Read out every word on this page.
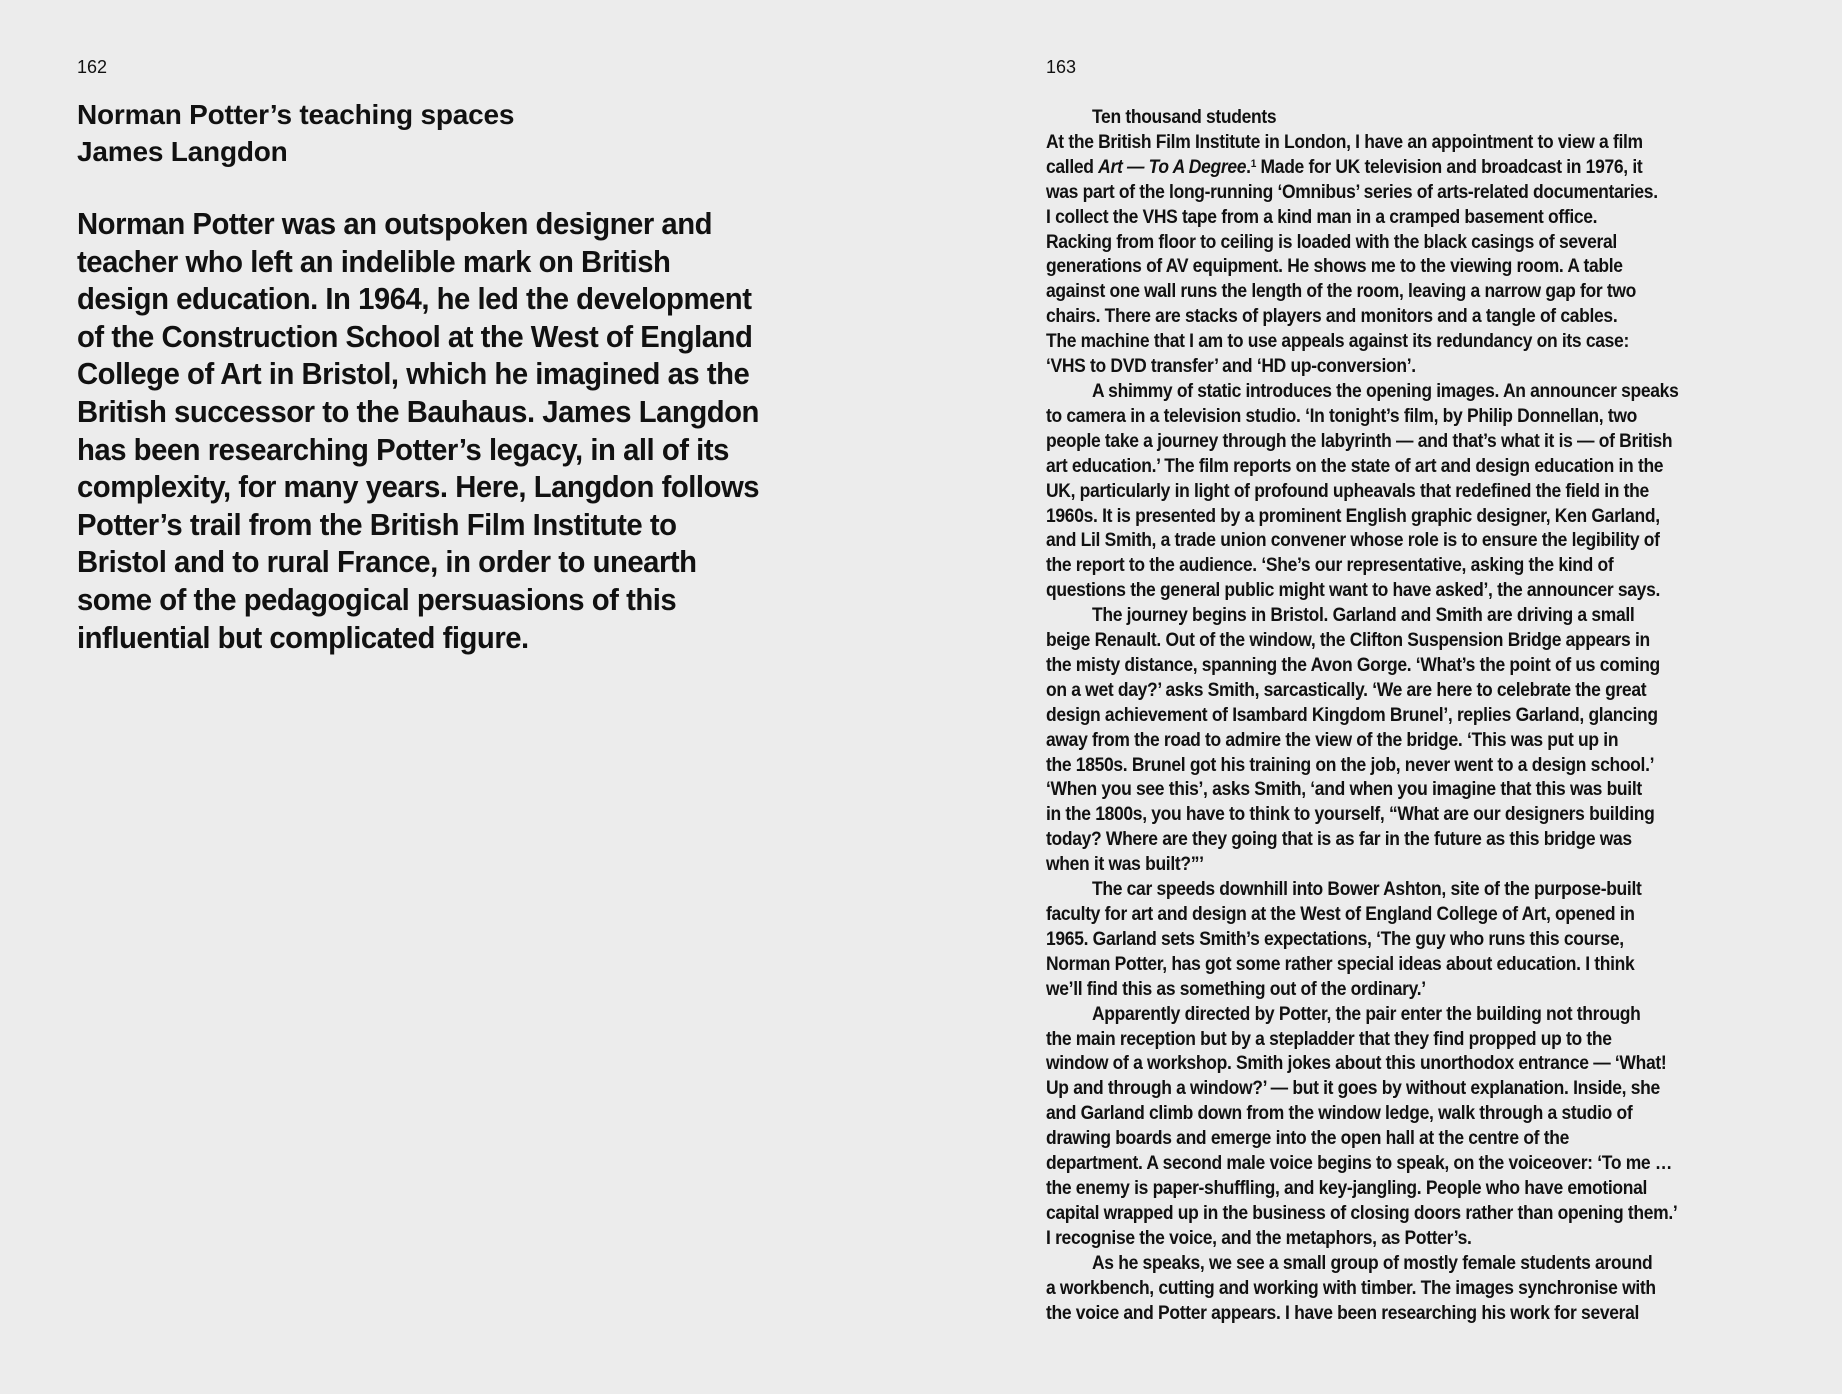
162
Norman Potter’s teaching spaces
James Langdon
Norman Potter was an outspoken designer and
teacher who left an indelible mark on British
design education. In 1964, he led the development
of the Construction School at the West of England
College of Art in Bristol, which he imagined as the
British successor to the Bauhaus. James Langdon
has been researching Potter’s legacy, in all of its
complexity, for many years. Here, Langdon follows
Potter’s trail from the British Film Institute to
Bristol and to rural France, in order to unearth
some of the pedagogical persuasions of this
influential but complicated figure.
163
Ten thousand students
At the British Film Institute in London, I have an appointment to view a film
called Art — To A Degree.$^1$ Made for UK television and broadcast in 1976, it
was part of the long-running ‘Omnibus’ series of arts-related documentaries.
I collect the VHS tape from a kind man in a cramped basement office.
Racking from floor to ceiling is loaded with the black casings of several
generations of AV equipment. He shows me to the viewing room. A table
against one wall runs the length of the room, leaving a narrow gap for two
chairs. There are stacks of players and monitors and a tangle of cables.
The machine that I am to use appeals against its redundancy on its case:
‘VHS to DVD transfer’ and ‘HD up-conversion’.
A shimmy of static introduces the opening images. An announcer speaks
to camera in a television studio. ‘In tonight’s film, by Philip Donnellan, two
people take a journey through the labyrinth — and that’s what it is — of British
art education.’ The film reports on the state of art and design education in the
UK, particularly in light of profound upheavals that redefined the field in the
1960s. It is presented by a prominent English graphic designer, Ken Garland,
and Lil Smith, a trade union convener whose role is to ensure the legibility of
the report to the audience. ‘She’s our representative, asking the kind of
questions the general public might want to have asked’, the announcer says.
The journey begins in Bristol. Garland and Smith are driving a small
beige Renault. Out of the window, the Clifton Suspension Bridge appears in
the misty distance, spanning the Avon Gorge. ‘What’s the point of us coming
on a wet day?’ asks Smith, sarcastically. ‘We are here to celebrate the great
design achievement of Isambard Kingdom Brunel’, replies Garland, glancing
away from the road to admire the view of the bridge. ‘This was put up in
the 1850s. Brunel got his training on the job, never went to a design school.’
‘When you see this’, asks Smith, ‘and when you imagine that this was built
in the 1800s, you have to think to yourself, “What are our designers building
today? Where are they going that is as far in the future as this bridge was
when it was built?”’
The car speeds downhill into Bower Ashton, site of the purpose-built
faculty for art and design at the West of England College of Art, opened in
1965. Garland sets Smith’s expectations, ‘The guy who runs this course,
Norman Potter, has got some rather special ideas about education. I think
we’ll find this as something out of the ordinary.’
Apparently directed by Potter, the pair enter the building not through
the main reception but by a stepladder that they find propped up to the
window of a workshop. Smith jokes about this unorthodox entrance — ‘What!
Up and through a window?’ — but it goes by without explanation. Inside, she
and Garland climb down from the window ledge, walk through a studio of
drawing boards and emerge into the open hall at the centre of the
department. A second male voice begins to speak, on the voiceover: ‘To me …
the enemy is paper-shuffling, and key-jangling. People who have emotional
capital wrapped up in the business of closing doors rather than opening them.’
I recognise the voice, and the metaphors, as Potter’s.
As he speaks, we see a small group of mostly female students around
a workbench, cutting and working with timber. The images synchronise with
the voice and Potter appears. I have been researching his work for several
